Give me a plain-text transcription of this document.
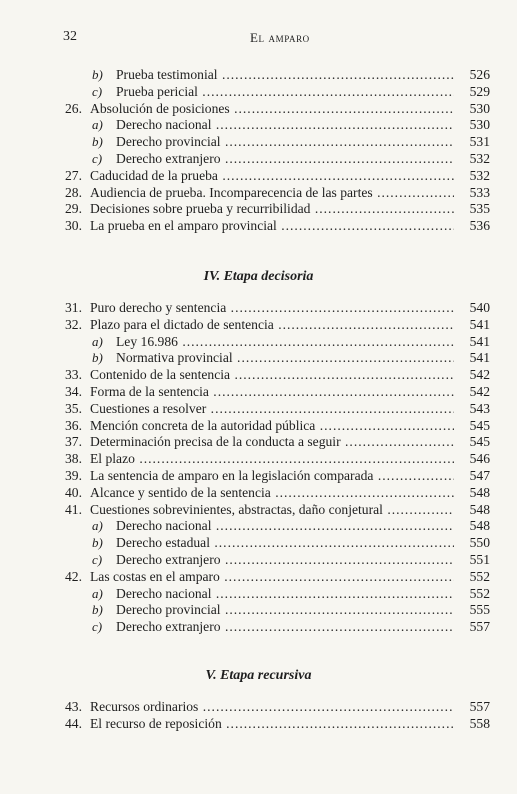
32	El amparo
b) Prueba testimonial .....	526
c) Prueba pericial .....	529
26. Absolución de posiciones .....	530
a) Derecho nacional .....	530
b) Derecho provincial .....	531
c) Derecho extranjero .....	532
27. Caducidad de la prueba .....	532
28. Audiencia de prueba. Incomparecencia de las partes .....	533
29. Decisiones sobre prueba y recurribilidad .....	535
30. La prueba en el amparo provincial .....	536
IV. Etapa decisoria
31. Puro derecho y sentencia .....	540
32. Plazo para el dictado de sentencia .....	541
a) Ley 16.986 .....	541
b) Normativa provincial .....	541
33. Contenido de la sentencia .....	542
34. Forma de la sentencia .....	542
35. Cuestiones a resolver .....	543
36. Mención concreta de la autoridad pública .....	545
37. Determinación precisa de la conducta a seguir .....	545
38. El plazo .....	546
39. La sentencia de amparo en la legislación comparada .....	547
40. Alcance y sentido de la sentencia .....	548
41. Cuestiones sobrevinientes, abstractas, daño conjetural .....	548
a) Derecho nacional .....	548
b) Derecho estadual .....	550
c) Derecho extranjero .....	551
42. Las costas en el amparo .....	552
a) Derecho nacional .....	552
b) Derecho provincial .....	555
c) Derecho extranjero .....	557
V. Etapa recursiva
43. Recursos ordinarios .....	557
44. El recurso de reposición .....	558
